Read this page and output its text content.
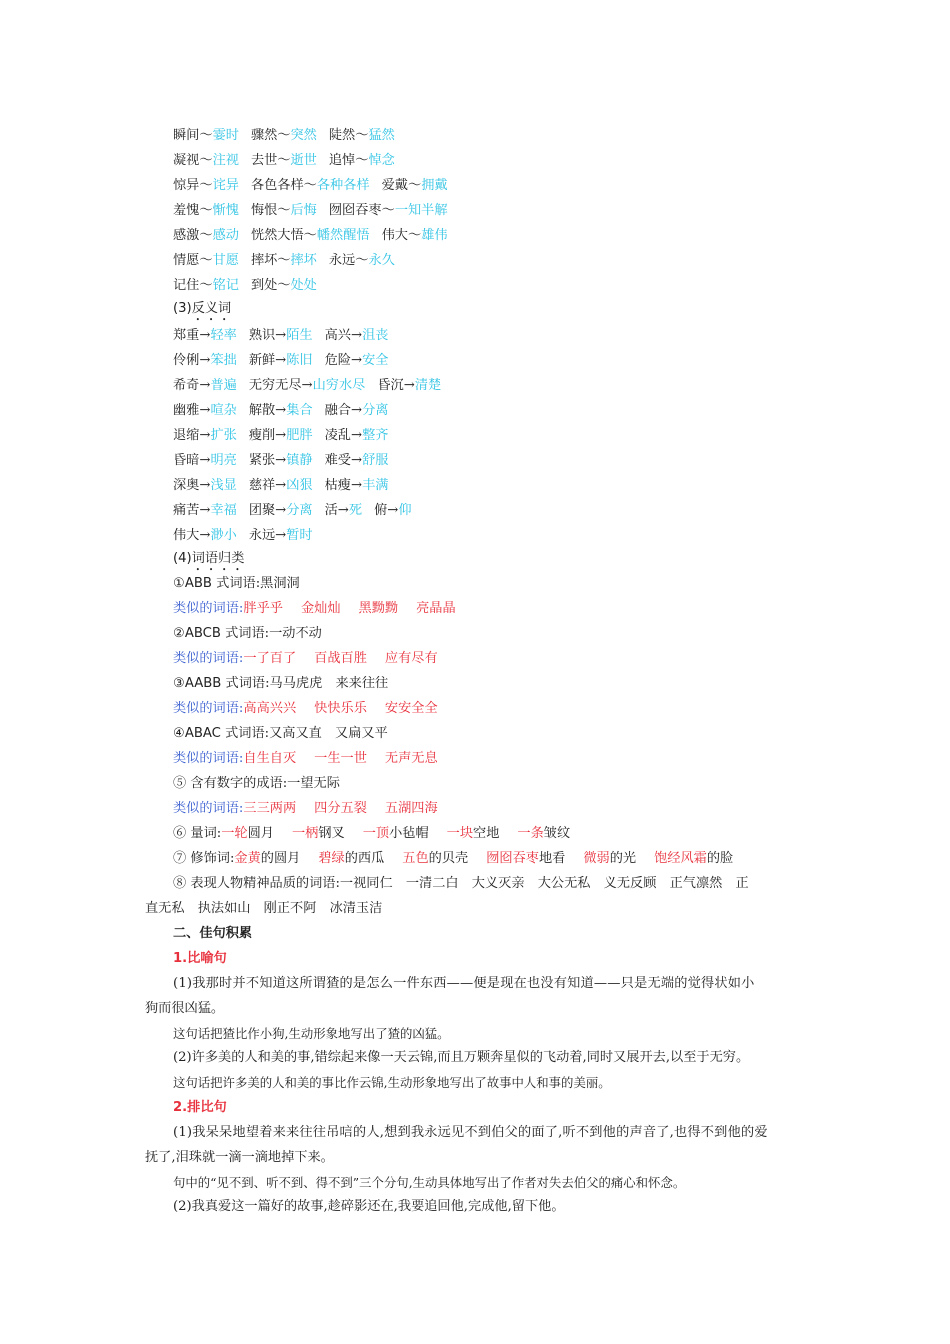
瞬间～霎时 骤然～突然 陡然～猛然
凝视～注视 去世～逝世 追悼～悼念
惊异～诧异 各色各样～各种各样 爱戴～拥戴
羞愧～惭愧 悔恨～后悔 囫囵吞枣～一知半解
感激～感动 恍然大悟～幡然醒悟 伟大～雄伟
情愿～甘愿 摔坏～摔坏 永远～永久
记住～铭记 到处～处处
(3)反义词
郑重→轻率 熟识→陌生 高兴→沮丧
伶俐→笨拙 新鲜→陈旧 危险→安全
希奇→普遍 无穷无尽→山穷水尽 昏沉→清楚
幽雅→喧杂 解散→集合 融合→分离
退缩→扩张 瘦削→肥胖 凌乱→整齐
昏暗→明亮 紧张→镇静 难受→舒服
深奥→浅显 慈祥→凶狠 枯瘦→丰满
痛苦→幸福 团聚→分离 活→死 俯→仰
伟大→渺小 永远→暂时
(4)词语归类
①ABB 式词语:黑洞洞
类似的词语:胖乎乎 金灿灿 黑黝黝 亮晶晶
②ABCB 式词语:一动不动
类似的词语:一了百了 百战百胜 应有尽有
③AABB 式词语:马马虎虎　来来往往
类似的词语:高高兴兴 快快乐乐 安安全全
④ABAC 式词语:又高又直　又扁又平
类似的词语:自生自灭 一生一世 无声无息
⑤ 含有数字的成语:一望无际
类似的词语:三三两两 四分五裂 五湖四海
⑥ 量词:一轮圆月 一柄钢叉 一顶小毡帽 一块空地 一条皱纹
⑦ 修饰词:金黄的圆月 碧绿的西瓜 五色的贝壳 囫囵吞枣地看 微弱的光 饱经风霜的脸
⑧ 表现人物精神品质的词语:一视同仁　一清二白　大义灭亲　大公无私　义无反顾　正气凛然　正
直无私　执法如山　刚正不阿　冰清玉洁
二、佳句积累
1.比喻句
(1)我那时并不知道这所谓猹的是怎么一件东西——便是现在也没有知道——只是无端的觉得状如小
狗而很凶猛。
这句话把猹比作小狗,生动形象地写出了猹的凶猛。
(2)许多美的人和美的事,错综起来像一天云锦,而且万颗奔星似的飞动着,同时又展开去,以至于无穷。
这句话把许多美的人和美的事比作云锦,生动形象地写出了故事中人和事的美丽。
2.排比句
(1)我呆呆地望着来来往往吊唁的人,想到我永远见不到伯父的面了,听不到他的声音了,也得不到他的爱
抚了,泪珠就一滴一滴地掉下来。
句中的“见不到、听不到、得不到”三个分句,生动具体地写出了作者对失去伯父的痛心和怀念。
(2)我真爱这一篇好的故事,趁碎影还在,我要追回他,完成他,留下他。
